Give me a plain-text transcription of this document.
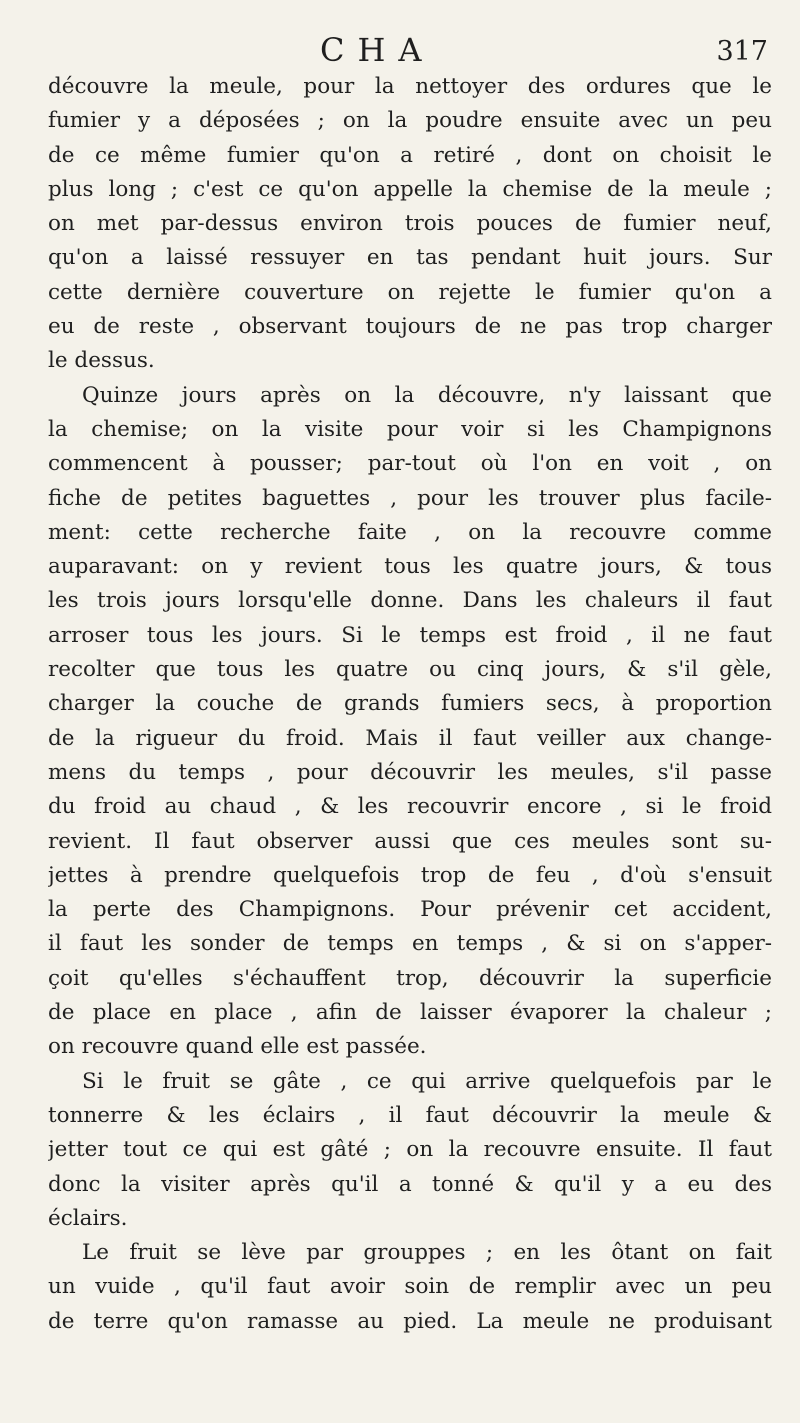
CHA	317
découvre la meule, pour la nettoyer des ordures que le
fumier y a déposées ; on la poudre ensuite avec un peu
de ce même fumier qu'on a retiré , dont on choisit le
plus long ; c'est ce qu'on appelle la chemise de la meule ;
on met par-dessus environ trois pouces de fumier neuf,
qu'on a laissé ressuyer en tas pendant huit jours. Sur
cette dernière couverture on rejette le fumier qu'on a
eu de reste , observant toujours de ne pas trop charger
le dessus.
Quinze jours après on la découvre, n'y laissant que
la chemise; on la visite pour voir si les Champignons
commencent à pousser; par-tout où l'on en voit , on
fiche de petites baguettes , pour les trouver plus facile-
ment: cette recherche faite , on la recouvre comme
auparavant: on y revient tous les quatre jours, & tous
les trois jours lorsqu'elle donne. Dans les chaleurs il faut
arroser tous les jours. Si le temps est froid , il ne faut
recolter que tous les quatre ou cinq jours, & s'il gèle,
charger la couche de grands fumiers secs, à proportion
de la rigueur du froid. Mais il faut veiller aux change-
mens du temps , pour découvrir les meules, s'il passe
du froid au chaud , & les recouvrir encore , si le froid
revient. Il faut observer aussi que ces meules sont su-
jettes à prendre quelquefois trop de feu , d'où s'ensuit
la perte des Champignons. Pour prévenir cet accident,
il faut les sonder de temps en temps , & si on s'apper-
çoit qu'elles s'échauffent trop, découvrir la superficie
de place en place , afin de laisser évaporer la chaleur ;
on recouvre quand elle est passée.
Si le fruit se gâte , ce qui arrive quelquefois par le
tonnerre & les éclairs , il faut découvrir la meule &
jetter tout ce qui est gâté ; on la recouvre ensuite. Il faut
donc la visiter après qu'il a tonné & qu'il y a eu des
éclairs.
Le fruit se lève par grouppes ; en les ôtant on fait
un vuide , qu'il faut avoir soin de remplir avec un peu
de terre qu'on ramasse au pied. La meule ne produisant
